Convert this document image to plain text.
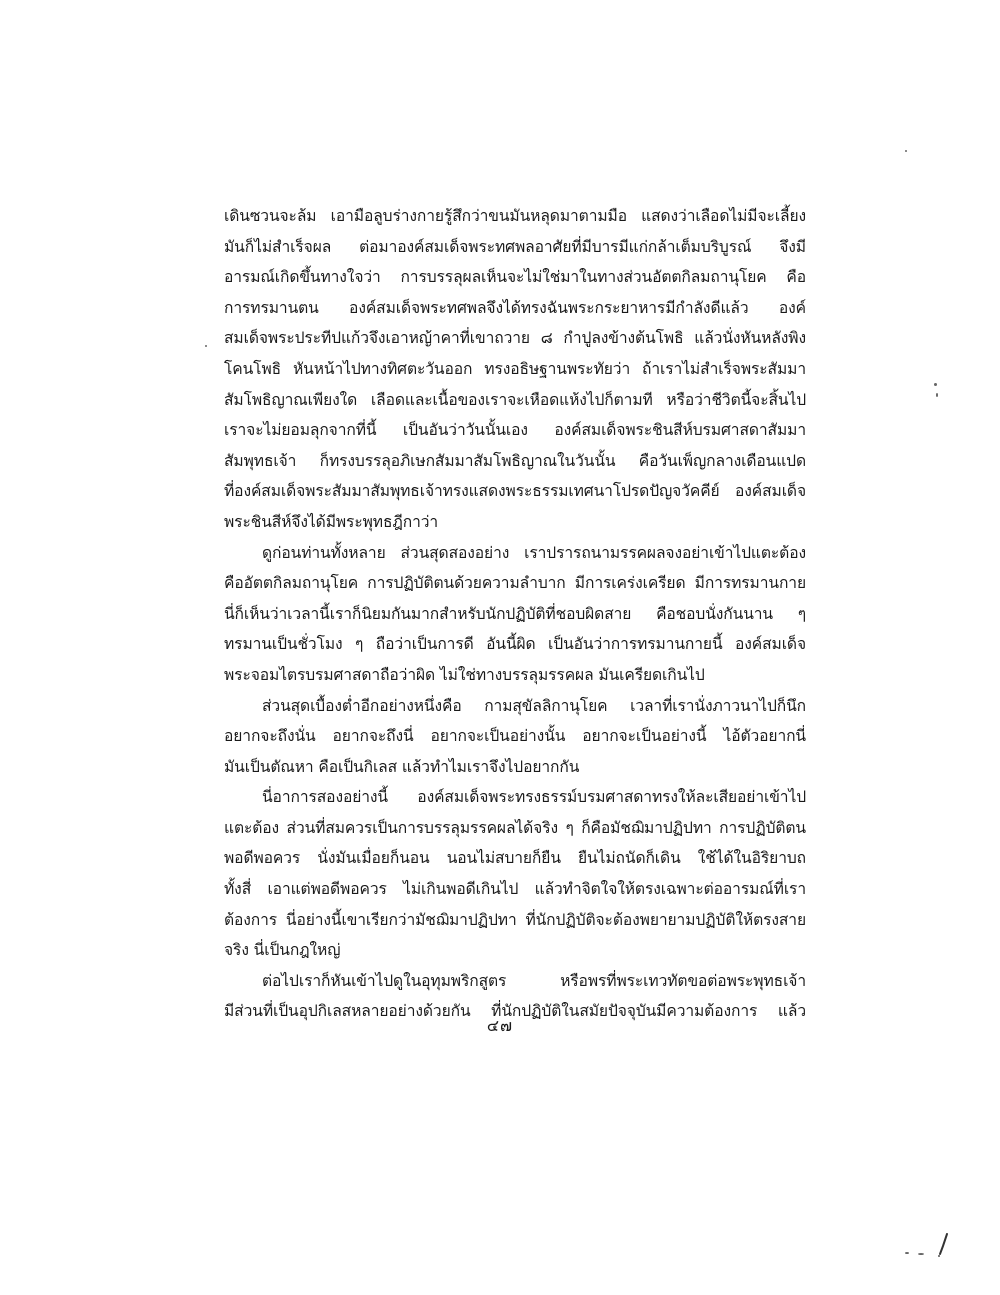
เดินซวนจะล้ม เอามือลูบร่างกายรู้สึกว่าขนมันหลุดมาตามมือ แสดงว่าเลือดไม่มีจะเลี้ยง
มันก็ไม่สำเร็จผล ต่อมาองค์สมเด็จพระทศพลอาศัยที่มีบารมีแก่กล้าเต็มบริบูรณ์ จึงมี
อารมณ์เกิดขึ้นทางใจว่า การบรรลุผลเห็นจะไม่ใช่มาในทางส่วนอัตตกิลมถานุโยค คือ
การทรมานตน องค์สมเด็จพระทศพลจึงได้ทรงฉันพระกระยาหารมีกำลังดีแล้ว องค์
สมเด็จพระประทีปแก้วจึงเอาหญ้าคาที่เขาถวาย ๘ กำปูลงข้างต้นโพธิ แล้วนั่งหันหลังพิง
โคนโพธิ หันหน้าไปทางทิศตะวันออก ทรงอธิษฐานพระทัยว่า ถ้าเราไม่สำเร็จพระสัมมา
สัมโพธิญาณเพียงใด เลือดและเนื้อของเราจะเหือดแห้งไปก็ตามที หรือว่าชีวิตนี้จะสิ้นไป
เราจะไม่ยอมลุกจากที่นี้ เป็นอันว่าวันนั้นเอง องค์สมเด็จพระชินสีห์บรมศาสดาสัมมา
สัมพุทธเจ้า ก็ทรงบรรลุอภิเษกสัมมาสัมโพธิญาณในวันนั้น คือวันเพ็ญกลางเดือนแปด
ที่องค์สมเด็จพระสัมมาสัมพุทธเจ้าทรงแสดงพระธรรมเทศนาโปรดปัญจวัคคีย์ องค์สมเด็จ
พระชินสีห์จึงได้มีพระพุทธฎีกาว่า
ดูก่อนท่านทั้งหลาย ส่วนสุดสองอย่าง เราปรารถนามรรคผลจงอย่าเข้าไปแตะต้อง
คืออัตตกิลมถานุโยค การปฏิบัติตนด้วยความลำบาก มีการเคร่งเครียด มีการทรมานกาย
นี่ก็เห็นว่าเวลานี้เราก็นิยมกันมากสำหรับนักปฏิบัติที่ชอบผิดสาย คือชอบนั่งกันนาน ๆ
ทรมานเป็นชั่วโมง ๆ ถือว่าเป็นการดี อันนี้ผิด เป็นอันว่าการทรมานกายนี้ องค์สมเด็จ
พระจอมไตรบรมศาสดาถือว่าผิด ไม่ใช่ทางบรรลุมรรคผล มันเครียดเกินไป
ส่วนสุดเบื้องต่ำอีกอย่างหนึ่งคือ กามสุขัลลิกานุโยค เวลาที่เรานั่งภาวนาไปก็นึก
อยากจะถึงนั่น อยากจะถึงนี่ อยากจะเป็นอย่างนั้น อยากจะเป็นอย่างนี้ ไอ้ตัวอยากนี่
มันเป็นตัณหา คือเป็นกิเลส แล้วทำไมเราจึงไปอยากกัน
นี่อาการสองอย่างนี้ องค์สมเด็จพระทรงธรรม์บรมศาสดาทรงให้ละเสียอย่าเข้าไป
แตะต้อง ส่วนที่สมควรเป็นการบรรลุมรรคผลได้จริง ๆ ก็คือมัชฌิมาปฏิปทา การปฏิบัติตน
พอดีพอควร นั่งมันเมื่อยก็นอน นอนไม่สบายก็ยืน ยืนไม่ถนัดก็เดิน ใช้ได้ในอิริยาบถ
ทั้งสี่ เอาแต่พอดีพอควร ไม่เกินพอดีเกินไป แล้วทำจิตใจให้ตรงเฉพาะต่ออารมณ์ที่เรา
ต้องการ นี่อย่างนี้เขาเรียกว่ามัชฌิมาปฏิปทา ที่นักปฏิบัติจะต้องพยายามปฏิบัติให้ตรงสาย
จริง นี่เป็นกฎใหญ่
ต่อไปเราก็หันเข้าไปดูในอุทุมพริกสูตร หรือพรที่พระเทวทัตขอต่อพระพุทธเจ้า
มีส่วนที่เป็นอุปกิเลสหลายอย่างด้วยกัน ที่นักปฏิบัติในสมัยปัจจุบันมีความต้องการ แล้ว
๔๗
